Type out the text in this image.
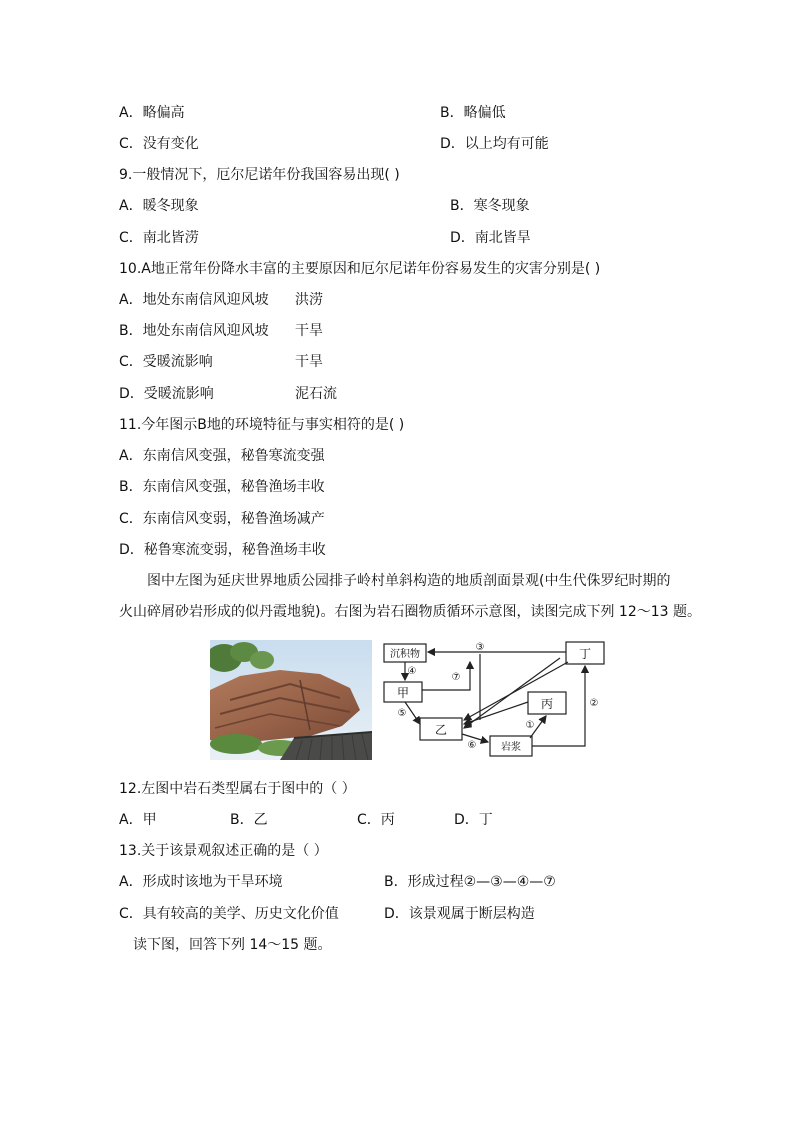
A．略偏高	B．略偏低
C．没有变化	D．以上均有可能
9.一般情况下，厄尔尼诺年份我国容易出现( )
A．暖冬现象	B．寒冬现象
C．南北皆涝	D．南北皆旱
10.A地正常年份降水丰富的主要原因和厄尔尼诺年份容易发生的灾害分别是( )
A．地处东南信风迎风坡 洪涝
B．地处东南信风迎风坡 干旱
C．受暖流影响	干旱
D．受暖流影响	泥石流
11.今年图示B地的环境特征与事实相符的是( )
A．东南信风变强，秘鲁寒流变强
B．东南信风变强，秘鲁渔场丰收
C．东南信风变弱，秘鲁渔场减产
D．秘鲁寒流变弱，秘鲁渔场丰收
图中左图为延庆世界地质公园排子岭村单斜构造的地质剖面景观(中生代侏罗纪时期的
火山碎屑砂岩形成的似丹霞地貌)。右图为岩石圈物质循环示意图，读图完成下列 12～13 题。
沉积物	丁
甲
丙
乙
岩浆
③
④
⑦
⑤
⑥
①
②
12.左图中岩石类型属右于图中的（ ）
A．甲	B．乙	C．丙	D．丁
13.关于该景观叙述正确的是（ ）
A．形成时该地为干旱环境	B．形成过程②—③—④—⑦
C．具有较高的美学、历史文化价值	D．该景观属于断层构造
读下图，回答下列 14～15 题。
